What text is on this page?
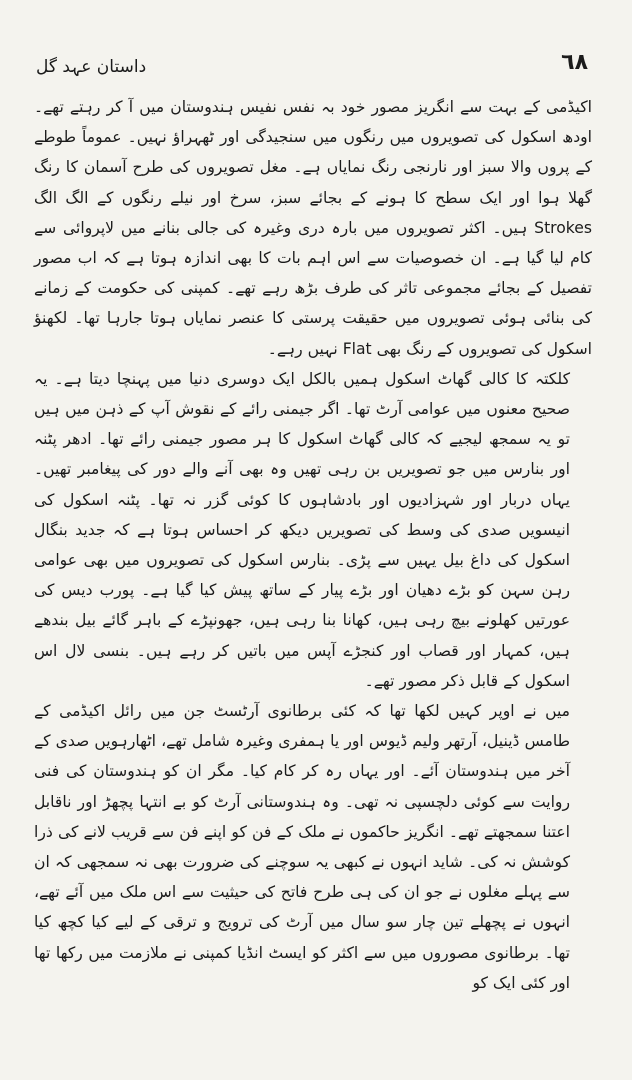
داستان عہد گل	٦٨

اکیڈمی کے بہت سے انگریز مصور خود بہ نفس نفیس ہندوستان میں آ کر رہتے تھے۔ اودھ اسکول کی تصویروں میں رنگوں میں سنجیدگی اور ٹھہراؤ نہیں۔ عموماً طوطے کے پروں والا سبز اور نارنجی رنگ نمایاں ہے۔ مغل تصویروں کی طرح آسمان کا رنگ گھلا ہوا اور ایک سطح کا ہونے کے بجائے سبز، سرخ اور نیلے رنگوں کے الگ الگ Strokes ہیں۔ اکثر تصویروں میں بارہ دری وغیرہ کی جالی بنانے میں لاپروائی سے کام لیا گیا ہے۔ ان خصوصیات سے اس اہم بات کا بھی اندازہ ہوتا ہے کہ اب مصور تفصیل کے بجائے مجموعی تاثر کی طرف بڑھ رہے تھے۔ کمپنی کی حکومت کے زمانے کی بنائی ہوئی تصویروں میں حقیقت پرستی کا عنصر نمایاں ہوتا جارہا تھا۔ لکھنؤ اسکول کی تصویروں کے رنگ بھی Flat نہیں رہے۔

کلکتہ کا کالی گھاٹ اسکول ہمیں بالکل ایک دوسری دنیا میں پہنچا دیتا ہے۔ یہ صحیح معنوں میں عوامی آرٹ تھا۔ اگر جیمنی رائے کے نقوش آپ کے ذہن میں ہیں تو یہ سمجھ لیجیے کہ کالی گھاٹ اسکول کا ہر مصور جیمنی رائے تھا۔ ادھر پٹنہ اور بنارس میں جو تصویریں بن رہی تھیں وہ بھی آنے والے دور کی پیغامبر تھیں۔ یہاں دربار اور شہزادیوں اور بادشاہوں کا کوئی گزر نہ تھا۔ پٹنہ اسکول کی انیسویں صدی کی وسط کی تصویریں دیکھ کر احساس ہوتا ہے کہ جدید بنگال اسکول کی داغ بیل یہیں سے پڑی۔ بنارس اسکول کی تصویروں میں بھی عوامی رہن سہن کو بڑے دھیان اور بڑے پیار کے ساتھ پیش کیا گیا ہے۔ پورب دیس کی عورتیں کھلونے بیچ رہی ہیں، کھانا بنا رہی ہیں، جھونپڑے کے باہر گائے بیل بندھے ہیں، کمہار اور قصاب اور کنجڑے آپس میں باتیں کر رہے ہیں۔ بنسی لال اس اسکول کے قابل ذکر مصور تھے۔

میں نے اوپر کہیں لکھا تھا کہ کئی برطانوی آرٹسٹ جن میں رائل اکیڈمی کے طامس ڈینیل، آرتھر ولیم ڈیوس اور یا ہمفری وغیرہ شامل تھے، اٹھارہویں صدی کے آخر میں ہندوستان آئے۔ اور یہاں رہ کر کام کیا۔ مگر ان کو ہندوستان کی فنی روایت سے کوئی دلچسپی نہ تھی۔ وہ ہندوستانی آرٹ کو بے انتہا پچھڑ اور ناقابل اعتنا سمجھتے تھے۔ انگریز حاکموں نے ملک کے فن کو اپنے فن سے قریب لانے کی ذرا کوشش نہ کی۔ شاید انہوں نے کبھی یہ سوچنے کی ضرورت بھی نہ سمجھی کہ ان سے پہلے مغلوں نے جو ان کی ہی طرح فاتح کی حیثیت سے اس ملک میں آئے تھے، انہوں نے پچھلے تین چار سو سال میں آرٹ کی ترویج و ترقی کے لیے کیا کچھ کیا تھا۔ برطانوی مصوروں میں سے اکثر کو ایسٹ انڈیا کمپنی نے ملازمت میں رکھا تھا اور کئی ایک کو
